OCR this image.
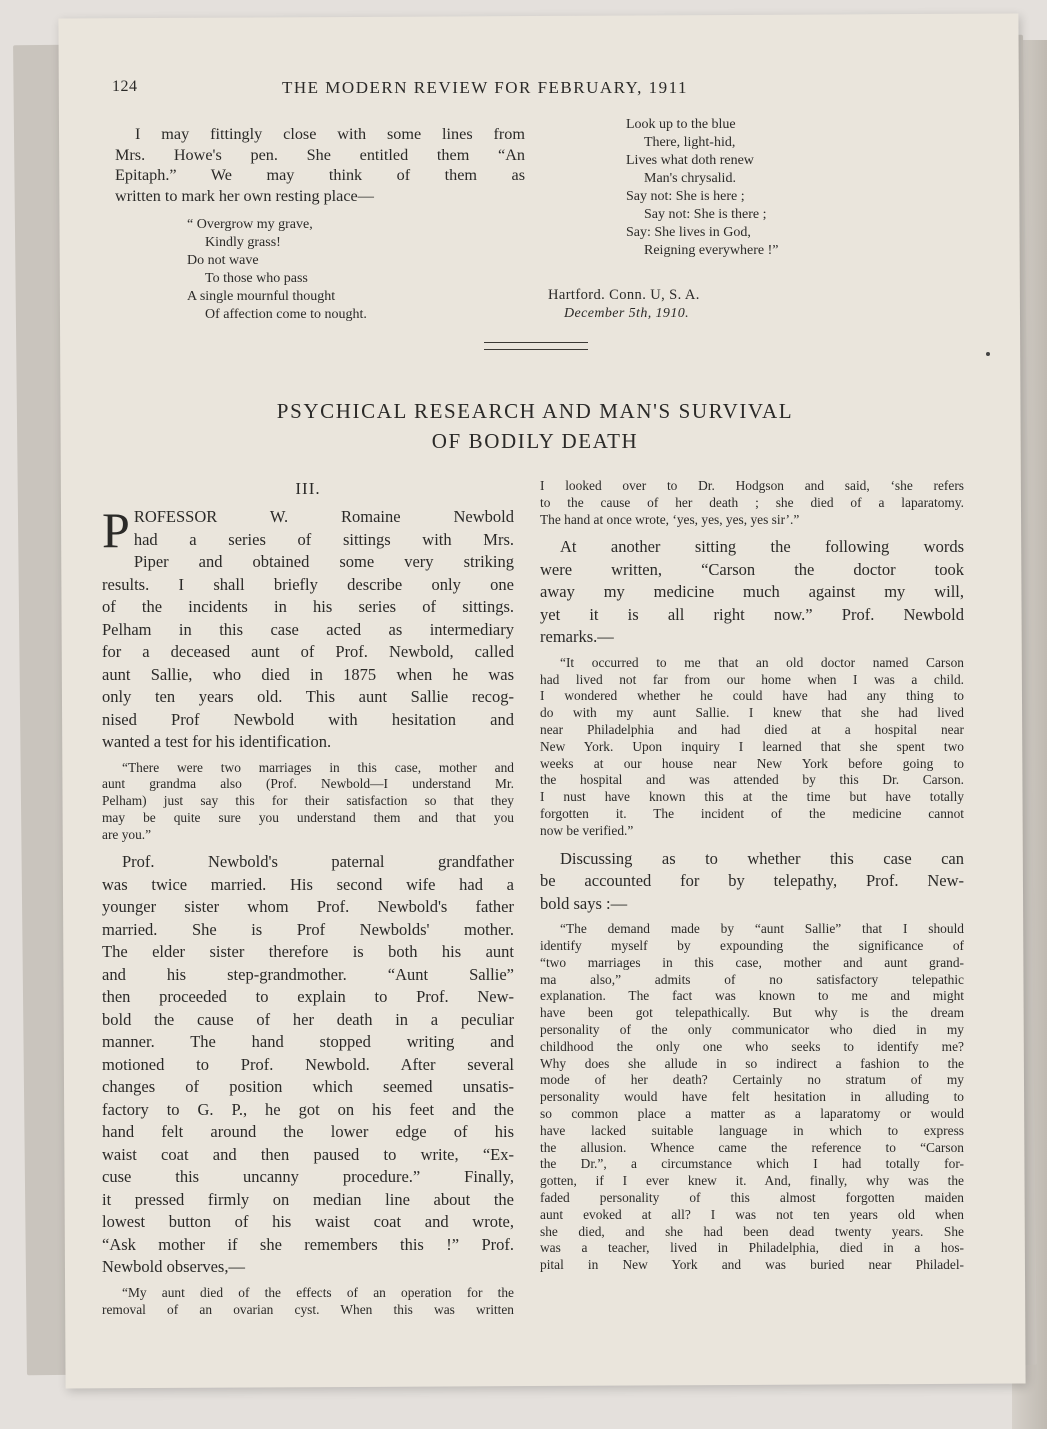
124	THE MODERN REVIEW FOR FEBRUARY, 1911
I may fittingly close with some lines from
Mrs. Howe's pen. She entitled them “An
Epitaph.” We may think of them as
written to mark her own resting place—
“ Overgrow my grave,
Kindly grass!
Do not wave
To those who pass
A single mournful thought
Of affection come to nought.
Look up to the blue
There, light-hid,
Lives what doth renew
Man's chrysalid.
Say not: She is here ;
Say not: She is there ;
Say: She lives in God,
Reigning everywhere !”
Hartford. Conn. U, S. A.
December 5th, 1910.
PSYCHICAL RESEARCH AND MAN'S SURVIVAL
OF BODILY DEATH
III.
P ROFESSOR W. Romaine Newbold
had a series of sittings with Mrs.
Piper and obtained some very striking
results. I shall briefly describe only one
of the incidents in his series of sittings.
Pelham in this case acted as intermediary
for a deceased aunt of Prof. Newbold, called
aunt Sallie, who died in 1875 when he was
only ten years old. This aunt Sallie recog-
nised Prof Newbold with hesitation and
wanted a test for his identification.
“There were two marriages in this case, mother and
aunt grandma also (Prof. Newbold—I understand Mr.
Pelham) just say this for their satisfaction so that they
may be quite sure you understand them and that you
are you.”
Prof. Newbold's paternal grandfather
was twice married. His second wife had a
younger sister whom Prof. Newbold's father
married. She is Prof Newbolds' mother.
The elder sister therefore is both his aunt
and his step-grandmother. “Aunt Sallie”
then proceeded to explain to Prof. New-
bold the cause of her death in a peculiar
manner. The hand stopped writing and
motioned to Prof. Newbold. After several
changes of position which seemed unsatis-
factory to G. P., he got on his feet and the
hand felt around the lower edge of his
waist coat and then paused to write, “Ex-
cuse this uncanny procedure.” Finally,
it pressed firmly on median line about the
lowest button of his waist coat and wrote,
“Ask mother if she remembers this !” Prof.
Newbold observes,—
“My aunt died of the effects of an operation for the
removal of an ovarian cyst. When this was written
I looked over to Dr. Hodgson and said, ‘she refers
to the cause of her death ; she died of a laparatomy.
The hand at once wrote, ‘yes, yes, yes, yes sir’.”
At another sitting the following words
were written, “Carson the doctor took
away my medicine much against my will,
yet it is all right now.” Prof. Newbold
remarks.—
“It occurred to me that an old doctor named Carson
had lived not far from our home when I was a child.
I wondered whether he could have had any thing to
do with my aunt Sallie. I knew that she had lived
near Philadelphia and had died at a hospital near
New York. Upon inquiry I learned that she spent two
weeks at our house near New York before going to
the hospital and was attended by this Dr. Carson.
I nust have known this at the time but have totally
forgotten it. The incident of the medicine cannot
now be verified.”
Discussing as to whether this case can
be accounted for by telepathy, Prof. New-
bold says :—
“The demand made by “aunt Sallie” that I should
identify myself by expounding the significance of
“two marriages in this case, mother and aunt grand-
ma also,” admits of no satisfactory telepathic
explanation. The fact was known to me and might
have been got telepathically. But why is the dream
personality of the only communicator who died in my
childhood the only one who seeks to identify me?
Why does she allude in so indirect a fashion to the
mode of her death? Certainly no stratum of my
personality would have felt hesitation in alluding to
so common place a matter as a laparatomy or would
have lacked suitable language in which to express
the allusion. Whence came the reference to “Carson
the Dr.”, a circumstance which I had totally for-
gotten, if I ever knew it. And, finally, why was the
faded personality of this almost forgotten maiden
aunt evoked at all? I was not ten years old when
she died, and she had been dead twenty years. She
was a teacher, lived in Philadelphia, died in a hos-
pital in New York and was buried near Philadel-
